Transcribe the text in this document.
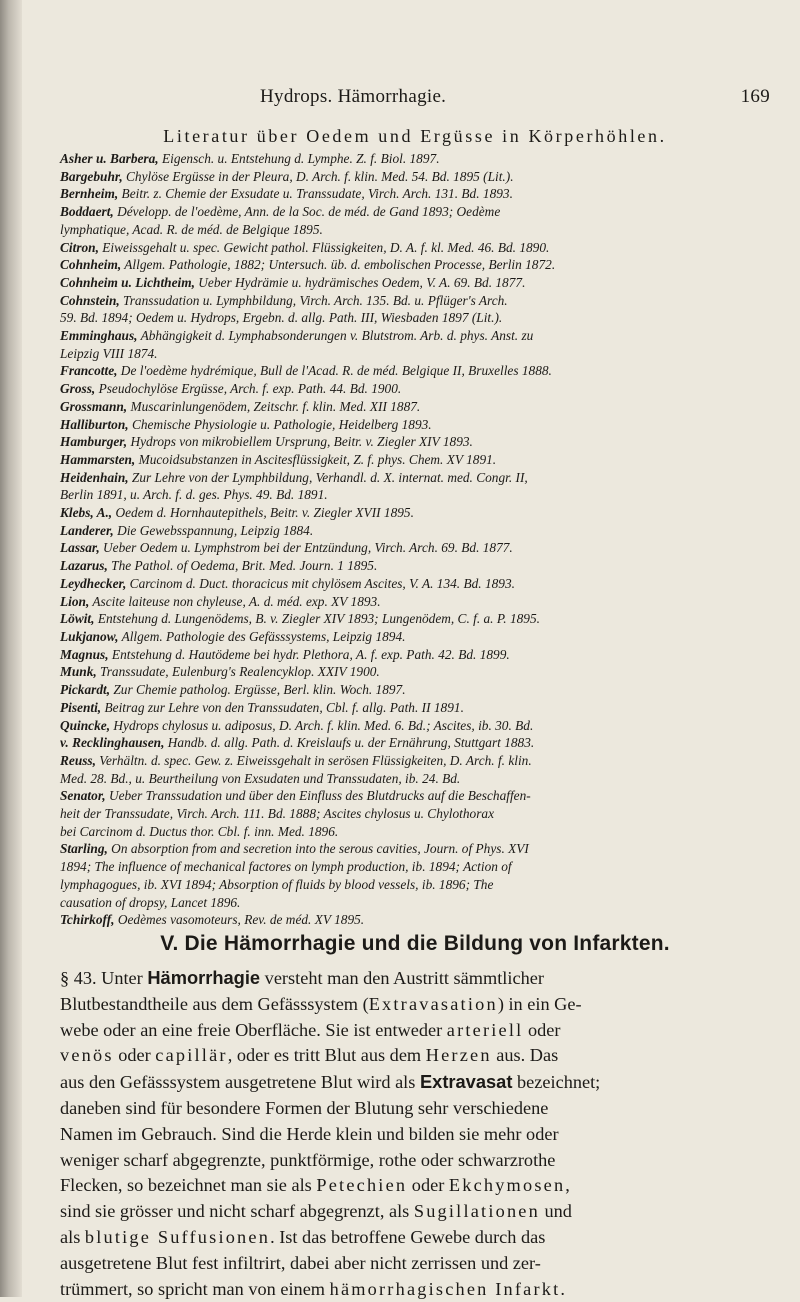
Hydrops. Hämorrhagie.	169
Literatur über Oedem und Ergüsse in Körperhöhlen.
Asher u. Barbera, Eigensch. u. Entstehung d. Lymphe. Z. f. Biol. 1897.
Bargebuhr, Chylöse Ergüsse in der Pleura, D. Arch. f. klin. Med. 54. Bd. 1895 (Lit.).
Bernheim, Beitr. z. Chemie der Exsudate u. Transsudate, Virch. Arch. 131. Bd. 1893.
Boddaert, Développ. de l'oedème, Ann. de la Soc. de méd. de Gand 1893; Oedème
lymphatique, Acad. R. de méd. de Belgique 1895.
Citron, Eiweissgehalt u. spec. Gewicht pathol. Flüssigkeiten, D. A. f. kl. Med. 46. Bd. 1890.
Cohnheim, Allgem. Pathologie, 1882; Untersuch. üb. d. embolischen Processe, Berlin 1872.
Cohnheim u. Lichtheim, Ueber Hydrämie u. hydrämisches Oedem, V. A. 69. Bd. 1877.
Cohnstein, Transsudation u. Lymphbildung, Virch. Arch. 135. Bd. u. Pflüger's Arch.
59. Bd. 1894; Oedem u. Hydrops, Ergebn. d. allg. Path. III, Wiesbaden 1897 (Lit.).
Emminghaus, Abhängigkeit d. Lymphabsonderungen v. Blutstrom. Arb. d. phys. Anst. zu
Leipzig VIII 1874.
Francotte, De l'oedème hydrémique, Bull de l'Acad. R. de méd. Belgique II, Bruxelles 1888.
Gross, Pseudochylöse Ergüsse, Arch. f. exp. Path. 44. Bd. 1900.
Grossmann, Muscarinlungenödem, Zeitschr. f. klin. Med. XII 1887.
Halliburton, Chemische Physiologie u. Pathologie, Heidelberg 1893.
Hamburger, Hydrops von mikrobiellem Ursprung, Beitr. v. Ziegler XIV 1893.
Hammarsten, Mucoidsubstanzen in Ascitesflüssigkeit, Z. f. phys. Chem. XV 1891.
Heidenhain, Zur Lehre von der Lymphbildung, Verhandl. d. X. internat. med. Congr. II,
Berlin 1891, u. Arch. f. d. ges. Phys. 49. Bd. 1891.
Klebs, A., Oedem d. Hornhautepithels, Beitr. v. Ziegler XVII 1895.
Landerer, Die Gewebsspannung, Leipzig 1884.
Lassar, Ueber Oedem u. Lymphstrom bei der Entzündung, Virch. Arch. 69. Bd. 1877.
Lazarus, The Pathol. of Oedema, Brit. Med. Journ. 1 1895.
Leydhecker, Carcinom d. Duct. thoracicus mit chylösem Ascites, V. A. 134. Bd. 1893.
Lion, Ascite laiteuse non chyleuse, A. d. méd. exp. XV 1893.
Löwit, Entstehung d. Lungenödems, B. v. Ziegler XIV 1893; Lungenödem, C. f. a. P. 1895.
Lukjanow, Allgem. Pathologie des Gefässsystems, Leipzig 1894.
Magnus, Entstehung d. Hautödeme bei hydr. Plethora, A. f. exp. Path. 42. Bd. 1899.
Munk, Transsudate, Eulenburg's Realencyklop. XXIV 1900.
Pickardt, Zur Chemie patholog. Ergüsse, Berl. klin. Woch. 1897.
Pisenti, Beitrag zur Lehre von den Transsudaten, Cbl. f. allg. Path. II 1891.
Quincke, Hydrops chylosus u. adiposus, D. Arch. f. klin. Med. 6. Bd.; Ascites, ib. 30. Bd.
v. Recklinghausen, Handb. d. allg. Path. d. Kreislaufs u. der Ernährung, Stuttgart 1883.
Reuss, Verhältn. d. spec. Gew. z. Eiweissgehalt in serösen Flüssigkeiten, D. Arch. f. klin.
Med. 28. Bd., u. Beurtheilung von Exsudaten und Transsudaten, ib. 24. Bd.
Senator, Ueber Transsudation und über den Einfluss des Blutdrucks auf die Beschaffen-
heit der Transsudate, Virch. Arch. 111. Bd. 1888; Ascites chylosus u. Chylothorax
bei Carcinom d. Ductus thor. Cbl. f. inn. Med. 1896.
Starling, On absorption from and secretion into the serous cavities, Journ. of Phys. XVI
1894; The influence of mechanical factores on lymph production, ib. 1894; Action of
lymphagogues, ib. XVI 1894; Absorption of fluids by blood vessels, ib. 1896; The
causation of dropsy, Lancet 1896.
Tchirkoff, Oedèmes vasomoteurs, Rev. de méd. XV 1895.
V. Die Hämorrhagie und die Bildung von Infarkten.
§ 43. Unter Hämorrhagie versteht man den Austritt sämmtlicher
Blutbestandtheile aus dem Gefässsystem (Extravasation) in ein Ge-
webe oder an eine freie Oberfläche. Sie ist entweder arteriell oder
venös oder capillär, oder es tritt Blut aus dem Herzen aus. Das
aus den Gefässsystem ausgetretene Blut wird als Extravasat bezeichnet;
daneben sind für besondere Formen der Blutung sehr verschiedene
Namen im Gebrauch. Sind die Herde klein und bilden sie mehr oder
weniger scharf abgegrenzte, punktförmige, rothe oder schwarzrothe
Flecken, so bezeichnet man sie als Petechien oder Ekchymosen,
sind sie grösser und nicht scharf abgegrenzt, als Sugillationen und
als blutige Suffusionen. Ist das betroffene Gewebe durch das
ausgetretene Blut fest infiltrirt, dabei aber nicht zerrissen und zer-
trümmert, so spricht man von einem hämorrhagischen Infarkt.
